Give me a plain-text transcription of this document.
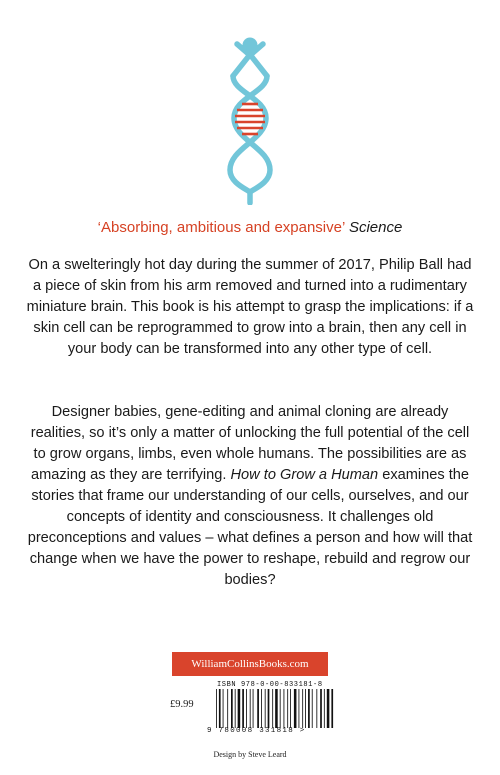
‘Absorbing, ambitious and expansive’ Science
On a swelteringly hot day during the summer of 2017, Philip Ball had a piece of skin from his arm removed and turned into a rudimentary miniature brain. This book is his attempt to grasp the implications: if a skin cell can be reprogrammed to grow into a brain, then any cell in your body can be transformed into any other type of cell.
Designer babies, gene-editing and animal cloning are already realities, so it’s only a matter of unlocking the full potential of the cell to grow organs, limbs, even whole humans. The possibilities are as amazing as they are terrifying. How to Grow a Human examines the stories that frame our understanding of our cells, ourselves, and our concepts of identity and consciousness. It challenges old preconceptions and values – what defines a person and how will that change when we have the power to reshape, rebuild and regrow our bodies?
WilliamCollinsBooks.com
ISBN 978-0-00-833181-8
£9.99
9 780008 331818 >
Design by Steve Leard
